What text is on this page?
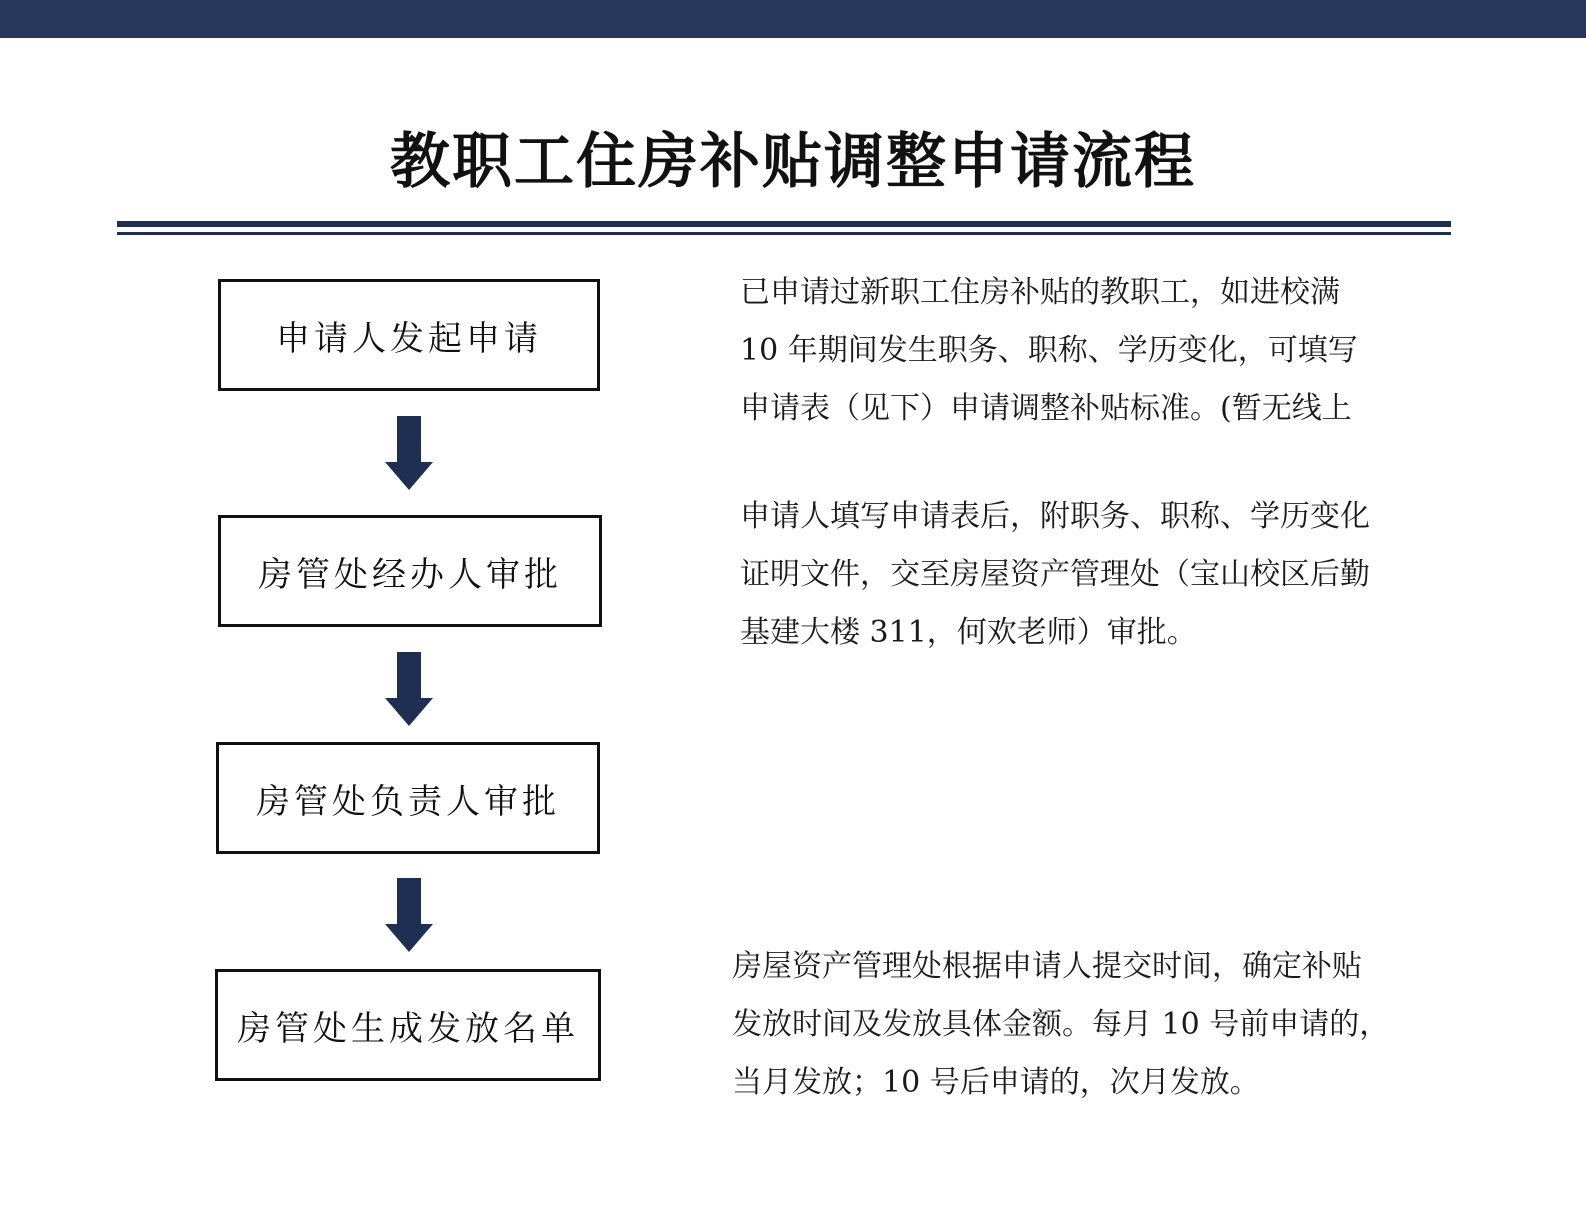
教职工住房补贴调整申请流程
申请人发起申请
房管处经办人审批
房管处负责人审批
房管处生成发放名单
已申请过新职工住房补贴的教职工，如进校满
10 年期间发生职务、职称、学历变化，可填写
申请表（见下）申请调整补贴标准。(暂无线上
申请人填写申请表后，附职务、职称、学历变化
证明文件，交至房屋资产管理处（宝山校区后勤
基建大楼 311，何欢老师）审批。
房屋资产管理处根据申请人提交时间，确定补贴
发放时间及发放具体金额。每月 10 号前申请的，
当月发放；10 号后申请的，次月发放。
